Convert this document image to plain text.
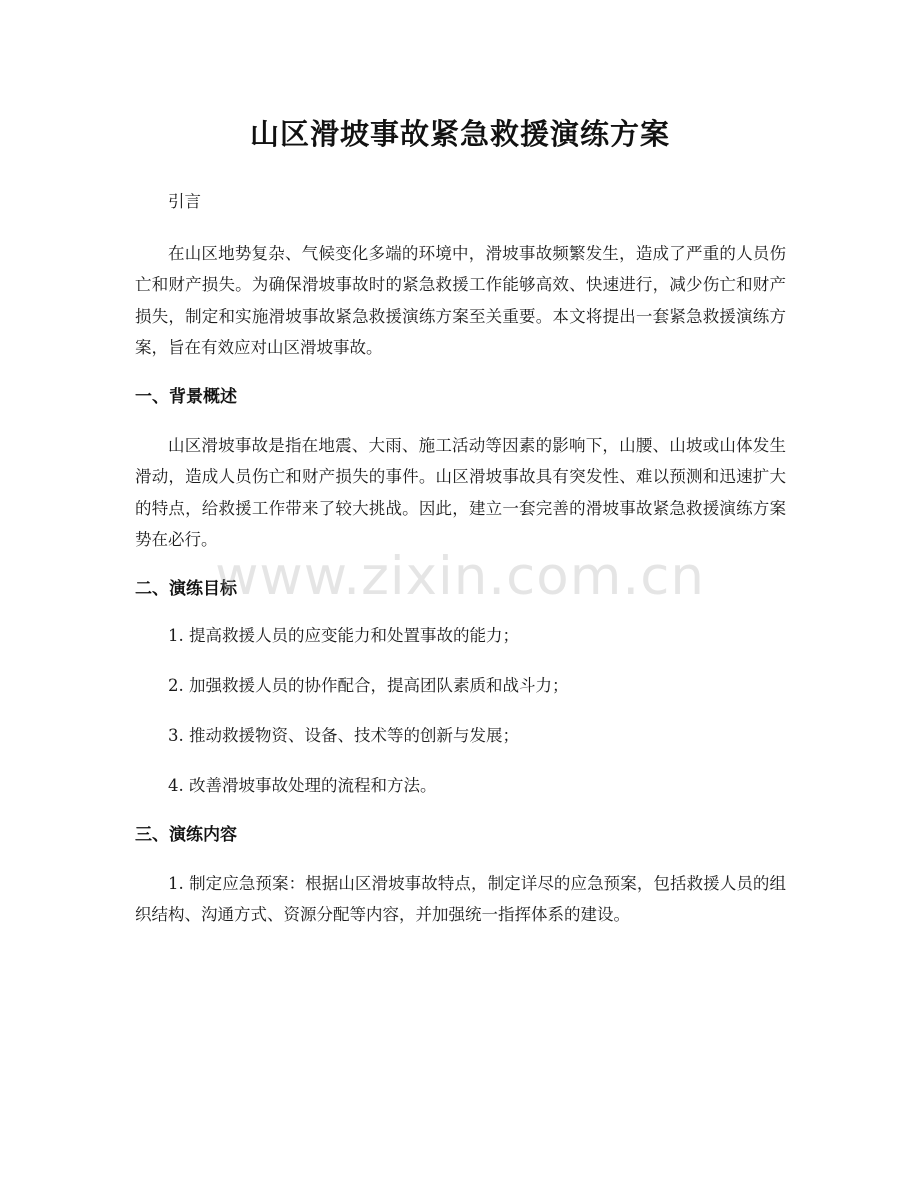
山区滑坡事故紧急救援演练方案

引言

在山区地势复杂、气候变化多端的环境中，滑坡事故频繁发生，造成了严重的人员伤亡和财产损失。为确保滑坡事故时的紧急救援工作能够高效、快速进行，减少伤亡和财产损失，制定和实施滑坡事故紧急救援演练方案至关重要。本文将提出一套紧急救援演练方案，旨在有效应对山区滑坡事故。

一、背景概述

山区滑坡事故是指在地震、大雨、施工活动等因素的影响下，山腰、山坡或山体发生滑动，造成人员伤亡和财产损失的事件。山区滑坡事故具有突发性、难以预测和迅速扩大的特点，给救援工作带来了较大挑战。因此，建立一套完善的滑坡事故紧急救援演练方案势在必行。

二、演练目标

1. 提高救援人员的应变能力和处置事故的能力；

2. 加强救援人员的协作配合，提高团队素质和战斗力；

3. 推动救援物资、设备、技术等的创新与发展；

4. 改善滑坡事故处理的流程和方法。

三、演练内容

1. 制定应急预案：根据山区滑坡事故特点，制定详尽的应急预案，包括救援人员的组织结构、沟通方式、资源分配等内容，并加强统一指挥体系的建设。

www.zixin.com.cn
